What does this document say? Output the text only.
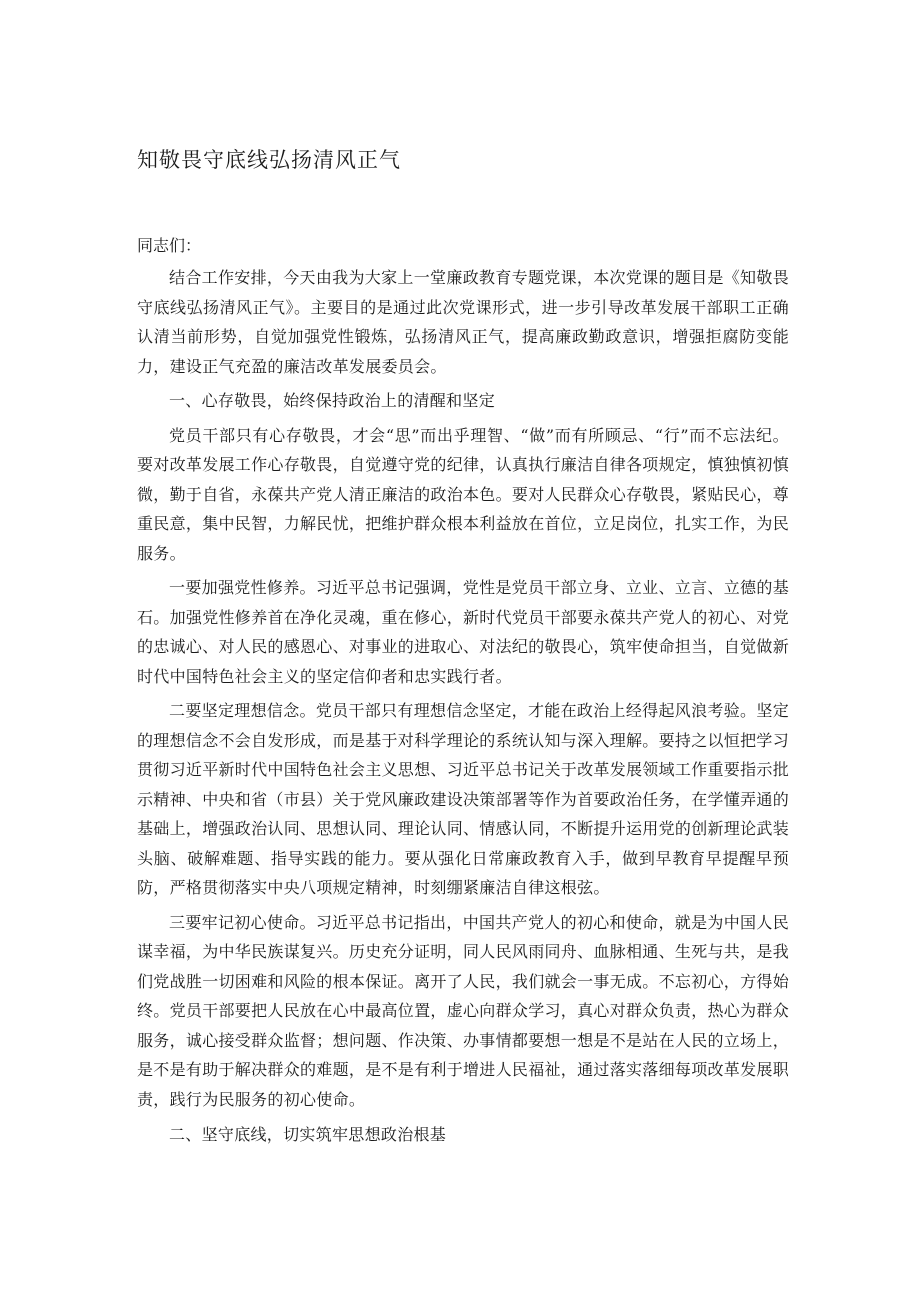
知敬畏守底线弘扬清风正气

同志们：

结合工作安排，今天由我为大家上一堂廉政教育专题党课，本次党课的题目是《知敬畏守底线弘扬清风正气》。主要目的是通过此次党课形式，进一步引导改革发展干部职工正确认清当前形势，自觉加强党性锻炼，弘扬清风正气，提高廉政勤政意识，增强拒腐防变能力，建设正气充盈的廉洁改革发展委员会。

一、心存敬畏，始终保持政治上的清醒和坚定

党员干部只有心存敬畏，才会“思”而出乎理智、“做”而有所顾忌、“行”而不忘法纪。要对改革发展工作心存敬畏，自觉遵守党的纪律，认真执行廉洁自律各项规定，慎独慎初慎微，勤于自省，永葆共产党人清正廉洁的政治本色。要对人民群众心存敬畏，紧贴民心，尊重民意，集中民智，力解民忧，把维护群众根本利益放在首位，立足岗位，扎实工作，为民服务。

一要加强党性修养。习近平总书记强调，党性是党员干部立身、立业、立言、立德的基石。加强党性修养首在净化灵魂，重在修心，新时代党员干部要永葆共产党人的初心、对党的忠诚心、对人民的感恩心、对事业的进取心、对法纪的敬畏心，筑牢使命担当，自觉做新时代中国特色社会主义的坚定信仰者和忠实践行者。

二要坚定理想信念。党员干部只有理想信念坚定，才能在政治上经得起风浪考验。坚定的理想信念不会自发形成，而是基于对科学理论的系统认知与深入理解。要持之以恒把学习贯彻习近平新时代中国特色社会主义思想、习近平总书记关于改革发展领域工作重要指示批示精神、中央和省（市县）关于党风廉政建设决策部署等作为首要政治任务，在学懂弄通的基础上，增强政治认同、思想认同、理论认同、情感认同，不断提升运用党的创新理论武装头脑、破解难题、指导实践的能力。要从强化日常廉政教育入手，做到早教育早提醒早预防，严格贯彻落实中央八项规定精神，时刻绷紧廉洁自律这根弦。

三要牢记初心使命。习近平总书记指出，中国共产党人的初心和使命，就是为中国人民谋幸福，为中华民族谋复兴。历史充分证明，同人民风雨同舟、血脉相通、生死与共，是我们党战胜一切困难和风险的根本保证。离开了人民，我们就会一事无成。不忘初心，方得始终。党员干部要把人民放在心中最高位置，虚心向群众学习，真心对群众负责，热心为群众服务，诚心接受群众监督；想问题、作决策、办事情都要想一想是不是站在人民的立场上，是不是有助于解决群众的难题，是不是有利于增进人民福祉，通过落实落细每项改革发展职责，践行为民服务的初心使命。

二、坚守底线，切实筑牢思想政治根基
